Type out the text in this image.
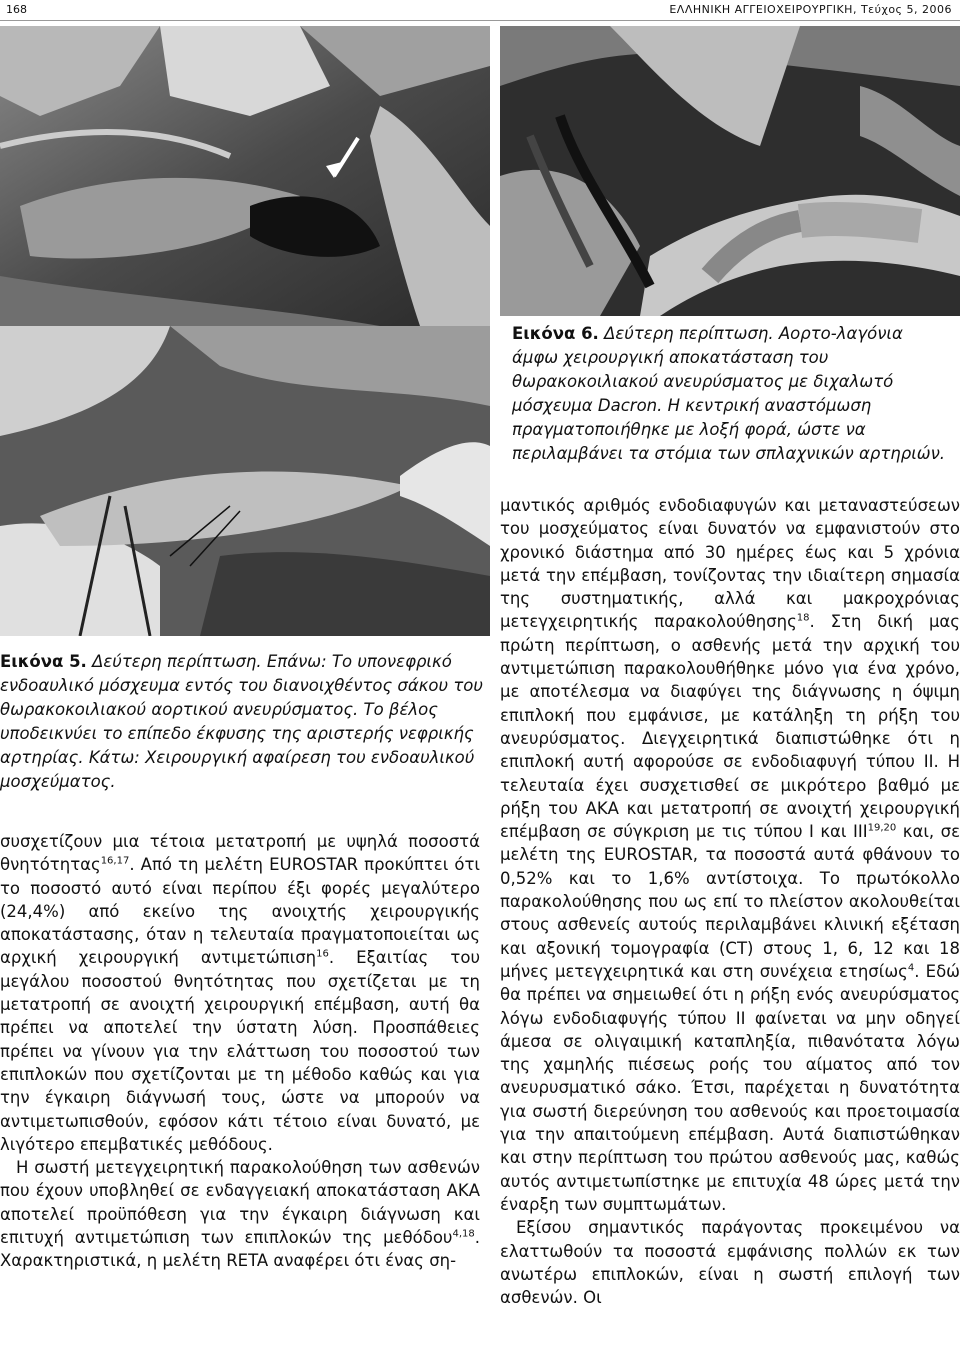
168	ΕΛΛΗΝΙΚΗ ΑΓΓΕΙΟΧΕΙΡΟΥΡΓΙΚΗ, Τεύχος 5, 2006

Εικόνα 6. Δεύτερη περίπτωση. Αορτο-λαγόνια άμφω χειρουργική αποκατάσταση του θωρακοκοιλιακού ανευρύσματος με διχαλωτό μόσχευμα Dacron. Η κεντρική αναστόμωση πραγματοποιήθηκε με λοξή φορά, ώστε να περιλαμβάνει τα στόμια των σπλαχνικών αρτηριών.

Εικόνα 5. Δεύτερη περίπτωση. Επάνω: Το υπονεφρικό ενδοαυλικό μόσχευμα εντός του διανοιχθέντος σάκου του θωρακοκοιλιακού αορτικού ανευρύσματος. Το βέλος υποδεικνύει το επίπεδο έκφυσης της αριστερής νεφρικής αρτηρίας. Κάτω: Χειρουργική αφαίρεση του ενδοαυλικού μοσχεύματος.

συσχετίζουν μια τέτοια μετατροπή με υψηλά ποσοστά θνητότητας$^{16,17}$. Από τη μελέτη EUROSTAR προκύπτει ότι το ποσοστό αυτό είναι περίπου έξι φορές μεγαλύτερο (24,4%) από εκείνο της ανοιχτής χειρουργικής αποκατάστασης, όταν η τελευταία πραγματοποιείται ως αρχική χειρουργική αντιμετώπιση$^{16}$. Εξαιτίας του μεγάλου ποσοστού θνητότητας που σχετίζεται με τη μετατροπή σε ανοιχτή χειρουργική επέμβαση, αυτή θα πρέπει να αποτελεί την ύστατη λύση. Προσπάθειες πρέπει να γίνουν για την ελάττωση του ποσοστού των επιπλοκών που σχετίζονται με τη μέθοδο καθώς και για την έγκαιρη διάγνωσή τους, ώστε να μπορούν να αντιμετωπισθούν, εφόσον κάτι τέτοιο είναι δυνατό, με λιγότερο επεμβατικές μεθόδους.

Η σωστή μετεγχειρητική παρακολούθηση των ασθενών που έχουν υποβληθεί σε ενδαγγειακή αποκατάσταση ΑΚΑ αποτελεί προϋπόθεση για την έγκαιρη διάγνωση και επιτυχή αντιμετώπιση των επιπλοκών της μεθόδου$^{4,18}$. Χαρακτηριστικά, η μελέτη RETA αναφέρει ότι ένας ση-

μαντικός αριθμός ενδοδιαφυγών και μεταναστεύσεων του μοσχεύματος είναι δυνατόν να εμφανιστούν στο χρονικό διάστημα από 30 ημέρες έως και 5 χρόνια μετά την επέμβαση, τονίζοντας την ιδιαίτερη σημασία της συστηματικής, αλλά και μακροχρόνιας μετεγχειρητικής παρακολούθησης$^{18}$. Στη δική μας πρώτη περίπτωση, ο ασθενής μετά την αρχική του αντιμετώπιση παρακολουθήθηκε μόνο για ένα χρόνο, με αποτέλεσμα να διαφύγει της διάγνωσης η όψιμη επιπλοκή που εμφάνισε, με κατάληξη τη ρήξη του ανευρύσματος. Διεγχειρητικά διαπιστώθηκε ότι η επιπλοκή αυτή αφορούσε σε ενδοδιαφυγή τύπου ΙΙ. Η τελευταία έχει συσχετισθεί σε μικρότερο βαθμό με ρήξη του ΑΚΑ και μετατροπή σε ανοιχτή χειρουργική επέμβαση σε σύγκριση με τις τύπου Ι και ΙΙΙ$^{19,20}$ και, σε μελέτη της EUROSTAR, τα ποσοστά αυτά φθάνουν το 0,52% και το 1,6% αντίστοιχα. Το πρωτόκολλο παρακολούθησης που ως επί το πλείστον ακολουθείται στους ασθενείς αυτούς περιλαμβάνει κλινική εξέταση και αξονική τομογραφία (CT) στους 1, 6, 12 και 18 μήνες μετεγχειρητικά και στη συνέχεια ετησίως$^4$. Εδώ θα πρέπει να σημειωθεί ότι η ρήξη ενός ανευρύσματος λόγω ενδοδιαφυγής τύπου ΙΙ φαίνεται να μην οδηγεί άμεσα σε ολιγαιμική καταπληξία, πιθανότατα λόγω της χαμηλής πιέσεως ροής του αίματος από τον ανευρυσματικό σάκο. Έτσι, παρέχεται η δυνατότητα για σωστή διερεύνηση του ασθενούς και προετοιμασία για την απαιτούμενη επέμβαση. Αυτά διαπιστώθηκαν και στην περίπτωση του πρώτου ασθενούς μας, καθώς αυτός αντιμετωπίστηκε με επιτυχία 48 ώρες μετά την έναρξη των συμπτωμάτων.

Εξίσου σημαντικός παράγοντας προκειμένου να ελαττωθούν τα ποσοστά εμφάνισης πολλών εκ των ανωτέρω επιπλοκών, είναι η σωστή επιλογή των ασθενών. Οι
